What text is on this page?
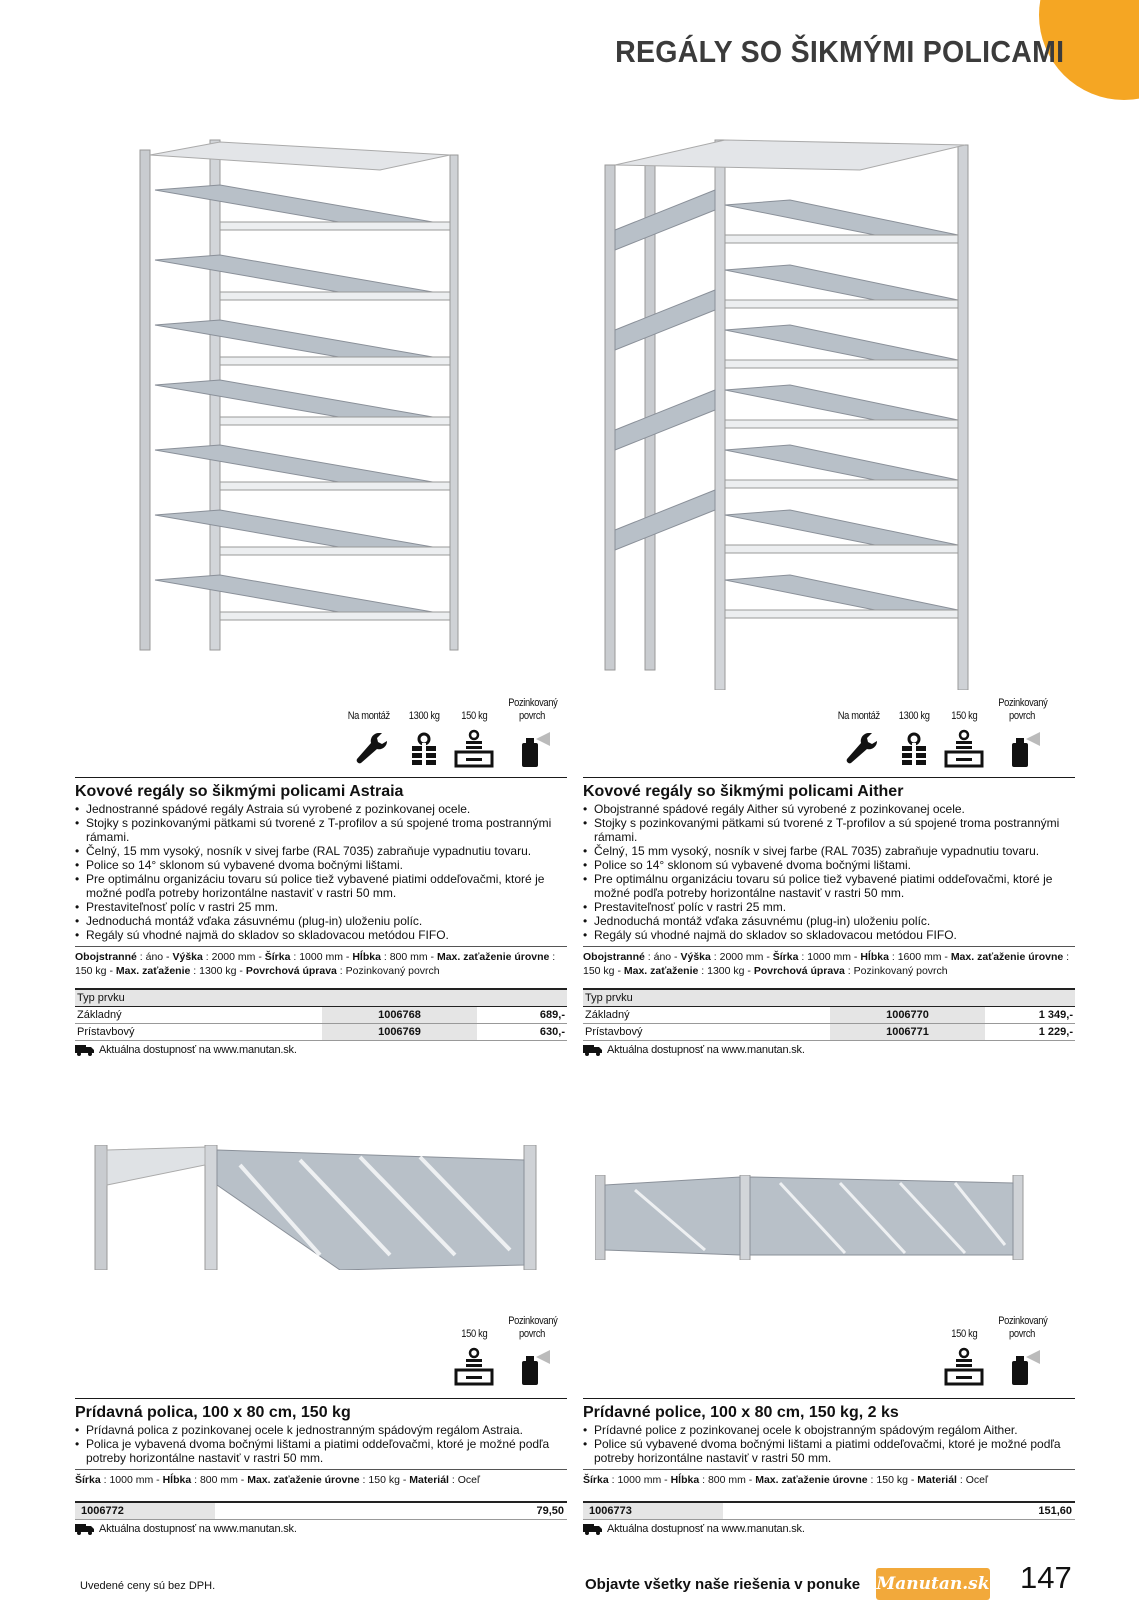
REGÁLY SO ŠIKMÝMI POLICAMI
Na montáž 1300 kg 150 kg
Pozinkovaný povrch	Na montáž 1300 kg 150 kg
Pozinkovaný povrch
150 kg
Pozinkovaný povrch	150 kg
Pozinkovaný povrch
Kovové regály so šikmými policami Astraia
• Jednostranné spádové regály Astraia sú vyrobené z pozinkovanej ocele.
• Stojky s pozinkovanými pätkami sú tvorené z T-profilov a sú spojené troma postrannými rámami.
• Čelný, 15 mm vysoký, nosník v sivej farbe (RAL 7035) zabraňuje vypadnutiu tovaru.
• Police so 14° sklonom sú vybavené dvoma bočnými lištami.
• Pre optimálnu organizáciu tovaru sú police tiež vybavené piatimi oddeľovačmi, ktoré je možné podľa potreby horizontálne nastaviť v rastri 50 mm.
• Prestaviteľnosť políc v rastri 25 mm.
• Jednoduchá montáž vďaka zásuvnému (plug-in) uloženiu políc.
• Regály sú vhodné najmä do skladov so skladovacou metódou FIFO.
Obojstranné : áno - Výška : 2000 mm - Šírka : 1000 mm - Hĺbka : 800 mm - Max. zaťaženie úrovne : 150 kg - Max. zaťaženie : 1300 kg - Povrchová úprava : Pozinkovaný povrch
Typ prvku		
Základný	1006768	689,-
Prístavbový	1006769	630,-
Aktuálna dostupnosť na www.manutan.sk.
Kovové regály so šikmými policami Aither
• Obojstranné spádové regály Aither sú vyrobené z pozinkovanej ocele.
• Stojky s pozinkovanými pätkami sú tvorené z T-profilov a sú spojené troma postrannými rámami.
• Čelný, 15 mm vysoký, nosník v sivej farbe (RAL 7035) zabraňuje vypadnutiu tovaru.
• Police so 14° sklonom sú vybavené dvoma bočnými lištami.
• Pre optimálnu organizáciu tovaru sú police tiež vybavené piatimi oddeľovačmi, ktoré je možné podľa potreby horizontálne nastaviť v rastri 50 mm.
• Prestaviteľnosť políc v rastri 25 mm.
• Jednoduchá montáž vďaka zásuvnému (plug-in) uloženiu políc.
• Regály sú vhodné najmä do skladov so skladovacou metódou FIFO.
Obojstranné : áno - Výška : 2000 mm - Šírka : 1000 mm - Hĺbka : 1600 mm - Max. zaťaženie úrovne : 150 kg - Max. zaťaženie : 1300 kg - Povrchová úprava : Pozinkovaný povrch
Typ prvku		
Základný	1006770	1 349,-
Prístavbový	1006771	1 229,-
Aktuálna dostupnosť na www.manutan.sk.
Prídavná polica, 100 x 80 cm, 150 kg
• Prídavná polica z pozinkovanej ocele k jednostranným spádovým regálom Astraia.
• Polica je vybavená dvoma bočnými lištami a piatimi oddeľovačmi, ktoré je možné podľa potreby horizontálne nastaviť v rastri 50 mm.
Šírka : 1000 mm - Hĺbka : 800 mm - Max. zaťaženie úrovne : 150 kg - Materiál : Oceľ
1006772	79,50
Aktuálna dostupnosť na www.manutan.sk.
Prídavné police, 100 x 80 cm, 150 kg, 2 ks
• Prídavné police z pozinkovanej ocele k obojstranným spádovým regálom Aither.
• Police sú vybavené dvoma bočnými lištami a piatimi oddeľovačmi, ktoré je možné podľa potreby horizontálne nastaviť v rastri 50 mm.
Šírka : 1000 mm - Hĺbka : 800 mm - Max. zaťaženie úrovne : 150 kg - Materiál : Oceľ
1006773	151,60
Aktuálna dostupnosť na www.manutan.sk.
Uvedené ceny sú bez DPH.	Objavte všetky naše riešenia v ponuke Manutan.sk 147
